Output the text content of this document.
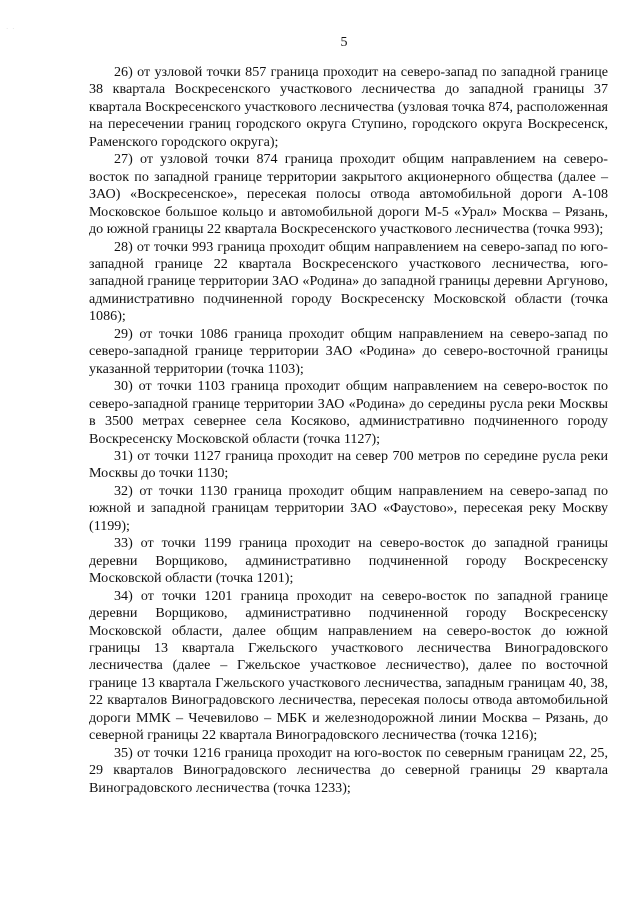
· ·
5

26) от узловой точки 857 граница проходит на северо-запад по западной границе 38 квартала Воскресенского участкового лесничества до западной границы 37 квартала Воскресенского участкового лесничества (узловая точка 874, расположенная на пересечении границ городского округа Ступино, городского округа Воскресенск, Раменского городского округа);

27) от узловой точки 874 граница проходит общим направлением на северо-восток по западной границе территории закрытого акционерного общества (далее – ЗАО) «Воскресенское», пересекая полосы отвода автомобильной дороги А-108 Московское большое кольцо и автомобильной дороги М-5 «Урал» Москва – Рязань, до южной границы 22 квартала Воскресенского участкового лесничества (точка 993);

28) от точки 993 граница проходит общим направлением на северо-запад по юго-западной границе 22 квартала Воскресенского участкового лесничества, юго-западной границе территории ЗАО «Родина» до западной границы деревни Аргуново, административно подчиненной городу Воскресенску Московской области (точка 1086);

29) от точки 1086 граница проходит общим направлением на северо-запад по северо-западной границе территории ЗАО «Родина» до северо-восточной границы указанной территории (точка 1103);

30) от точки 1103 граница проходит общим направлением на северо-восток по северо-западной границе территории ЗАО «Родина» до середины русла реки Москвы в 3500 метрах севернее села Косяково, административно подчиненного городу Воскресенску Московской области (точка 1127);

31) от точки 1127 граница проходит на север 700 метров по середине русла реки Москвы до точки 1130;

32) от точки 1130 граница проходит общим направлением на северо-запад по южной и западной границам территории ЗАО «Фаустово», пересекая реку Москву (1199);

33) от точки 1199 граница проходит на северо-восток до западной границы деревни Ворщиково, административно подчиненной городу Воскресенску Московской области (точка 1201);

34) от точки 1201 граница проходит на северо-восток по западной границе деревни Ворщиково, административно подчиненной городу Воскресенску Московской области, далее общим направлением на северо-восток до южной границы 13 квартала Гжельского участкового лесничества Виноградовского лесничества (далее – Гжельское участковое лесничество), далее по восточной границе 13 квартала Гжельского участкового лесничества, западным границам 40, 38, 22 кварталов Виноградовского лесничества, пересекая полосы отвода автомобильной дороги ММК – Чечевилово – МБК и железнодорожной линии Москва – Рязань, до северной границы 22 квартала Виноградовского лесничества (точка 1216);

35) от точки 1216 граница проходит на юго-восток по северным границам 22, 25, 29 кварталов Виноградовского лесничества до северной границы 29 квартала Виноградовского лесничества (точка 1233);
